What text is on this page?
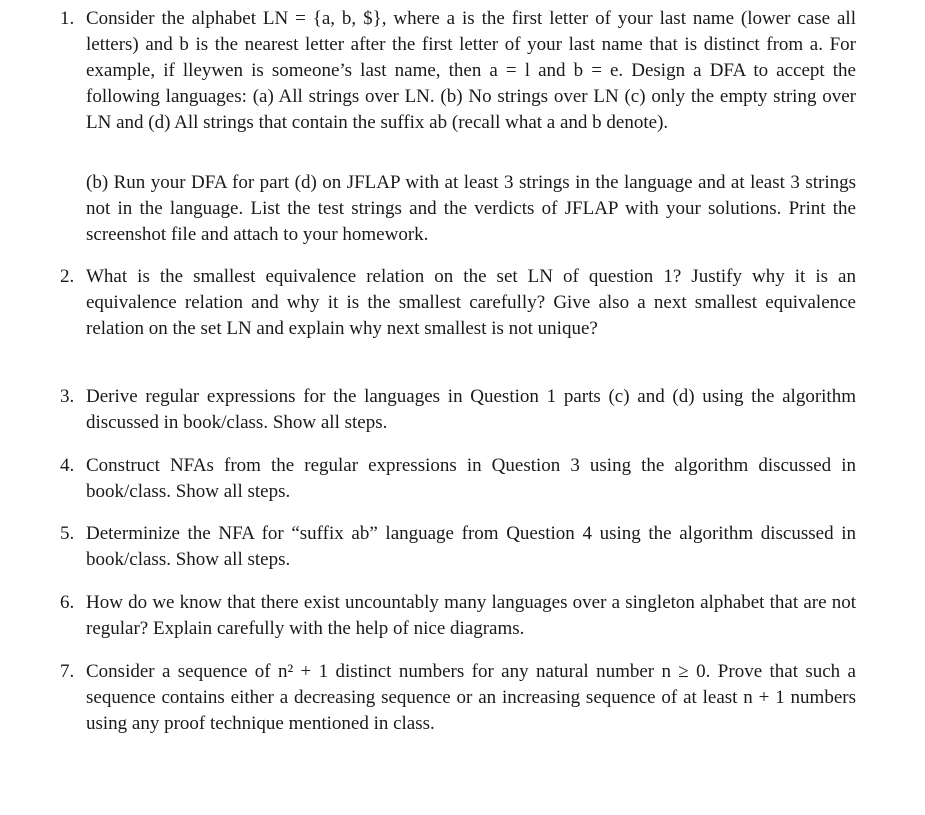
1. Consider the alphabet LN = {a, b, $}, where a is the first letter of your last name (lower case all letters) and b is the nearest letter after the first letter of your last name that is distinct from a. For example, if lleywen is someone’s last name, then a = l and b = e. Design a DFA to accept the following languages: (a) All strings over LN. (b) No strings over LN (c) only the empty string over LN and (d) All strings that contain the suffix ab (recall what a and b denote).
(b) Run your DFA for part (d) on JFLAP with at least 3 strings in the language and at least 3 strings not in the language. List the test strings and the verdicts of JFLAP with your solutions. Print the screenshot file and attach to your homework.
2. What is the smallest equivalence relation on the set LN of question 1? Justify why it is an equivalence relation and why it is the smallest carefully? Give also a next smallest equivalence relation on the set LN and explain why next smallest is not unique?
3. Derive regular expressions for the languages in Question 1 parts (c) and (d) using the algorithm discussed in book/class. Show all steps.
4. Construct NFAs from the regular expressions in Question 3 using the algorithm discussed in book/class. Show all steps.
5. Determinize the NFA for “suffix ab” language from Question 4 using the algorithm discussed in book/class. Show all steps.
6. How do we know that there exist uncountably many languages over a singleton alphabet that are not regular? Explain carefully with the help of nice diagrams.
7. Consider a sequence of n² + 1 distinct numbers for any natural number n ≥ 0. Prove that such a sequence contains either a decreasing sequence or an increasing sequence of at least n + 1 numbers using any proof technique mentioned in class.
